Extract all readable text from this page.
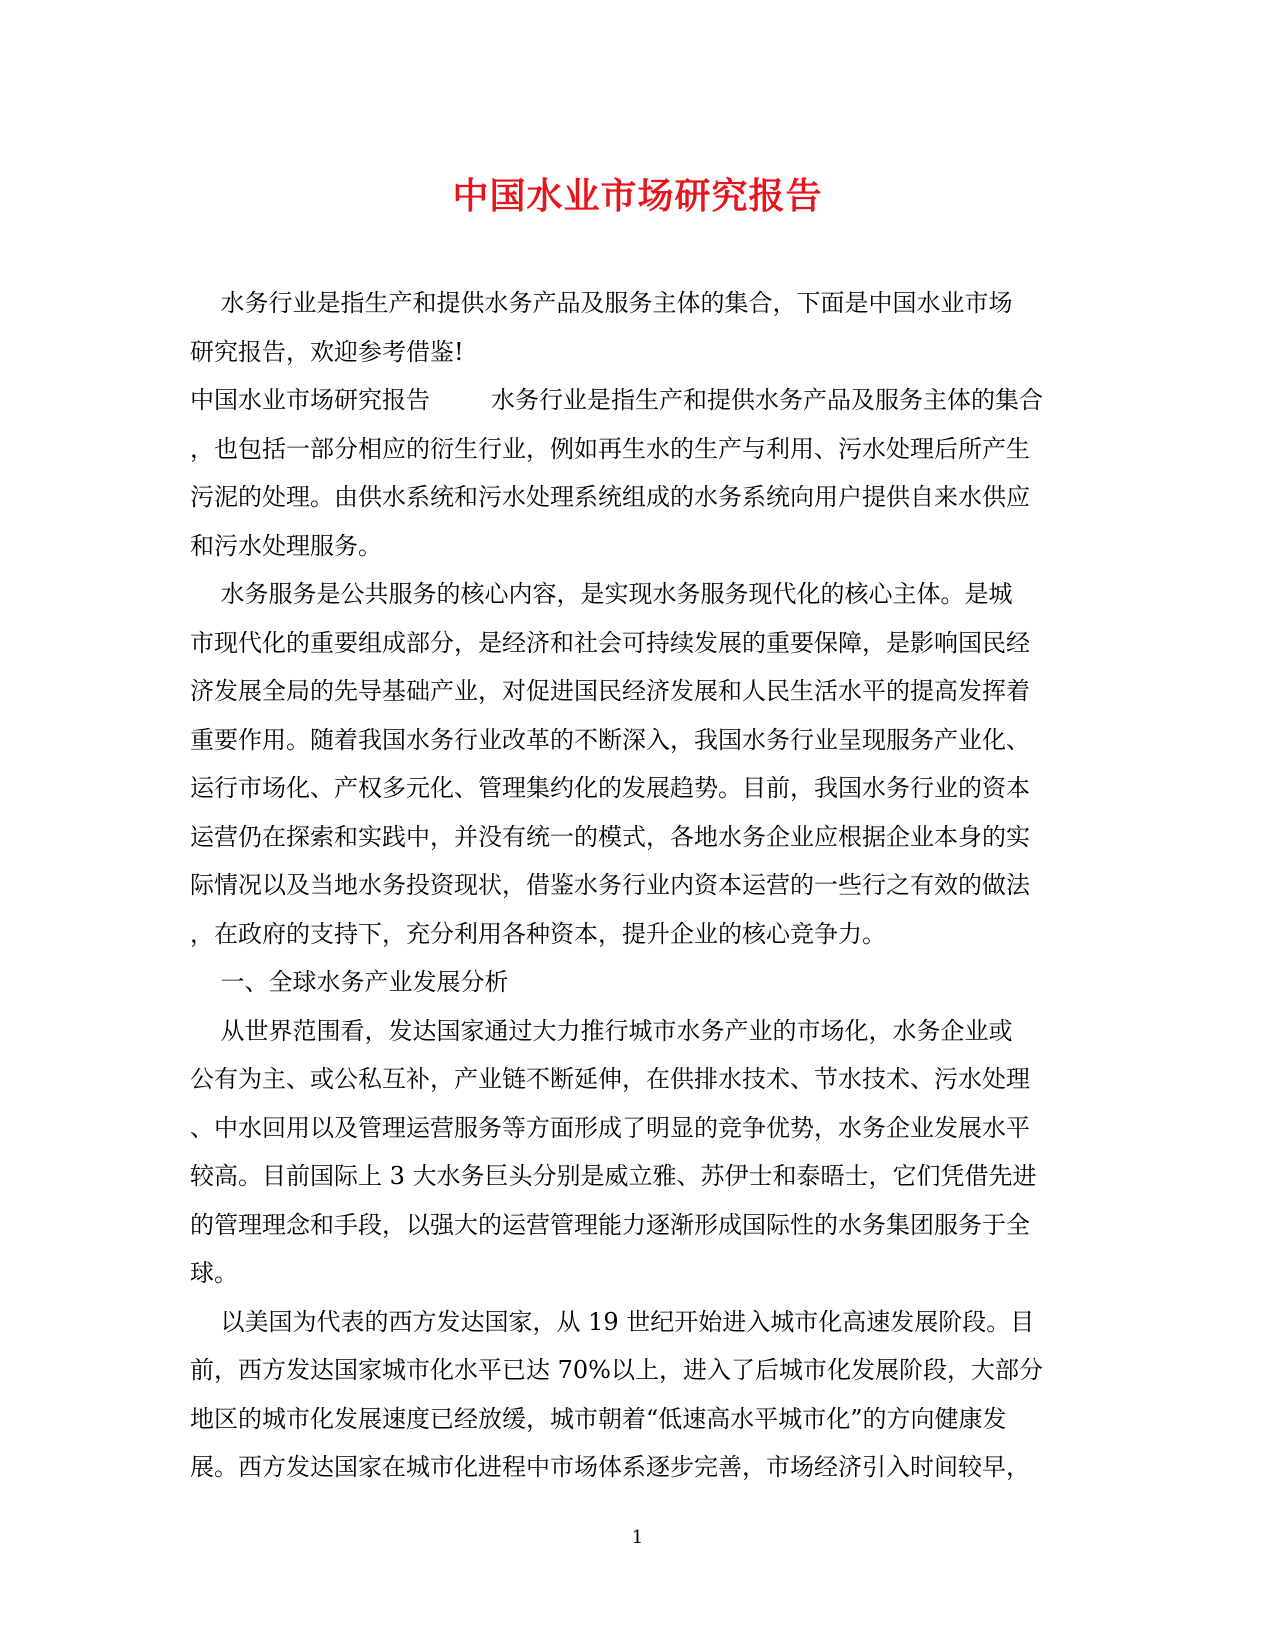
中国水业市场研究报告
水务行业是指生产和提供水务产品及服务主体的集合，下面是中国水业市场
研究报告，欢迎参考借鉴!
中国水业市场研究报告        水务行业是指生产和提供水务产品及服务主体的集合
，也包括一部分相应的衍生行业，例如再生水的生产与利用、污水处理后所产生
污泥的处理。由供水系统和污水处理系统组成的水务系统向用户提供自来水供应
和污水处理服务。
水务服务是公共服务的核心内容，是实现水务服务现代化的核心主体。是城
市现代化的重要组成部分，是经济和社会可持续发展的重要保障，是影响国民经
济发展全局的先导基础产业，对促进国民经济发展和人民生活水平的提高发挥着
重要作用。随着我国水务行业改革的不断深入，我国水务行业呈现服务产业化、
运行市场化、产权多元化、管理集约化的发展趋势。目前，我国水务行业的资本
运营仍在探索和实践中，并没有统一的模式，各地水务企业应根据企业本身的实
际情况以及当地水务投资现状，借鉴水务行业内资本运营的一些行之有效的做法
，在政府的支持下，充分利用各种资本，提升企业的核心竞争力。
一、全球水务产业发展分析
从世界范围看，发达国家通过大力推行城市水务产业的市场化，水务企业或
公有为主、或公私互补，产业链不断延伸，在供排水技术、节水技术、污水处理
、中水回用以及管理运营服务等方面形成了明显的竞争优势，水务企业发展水平
较高。目前国际上 3 大水务巨头分别是威立雅、苏伊士和泰晤士，它们凭借先进
的管理理念和手段，以强大的运营管理能力逐渐形成国际性的水务集团服务于全
球。
以美国为代表的西方发达国家，从 19 世纪开始进入城市化高速发展阶段。目
前，西方发达国家城市化水平已达 70%以上，进入了后城市化发展阶段，大部分
地区的城市化发展速度已经放缓，城市朝着“低速高水平城市化”的方向健康发
展。西方发达国家在城市化进程中市场体系逐步完善，市场经济引入时间较早，
1
